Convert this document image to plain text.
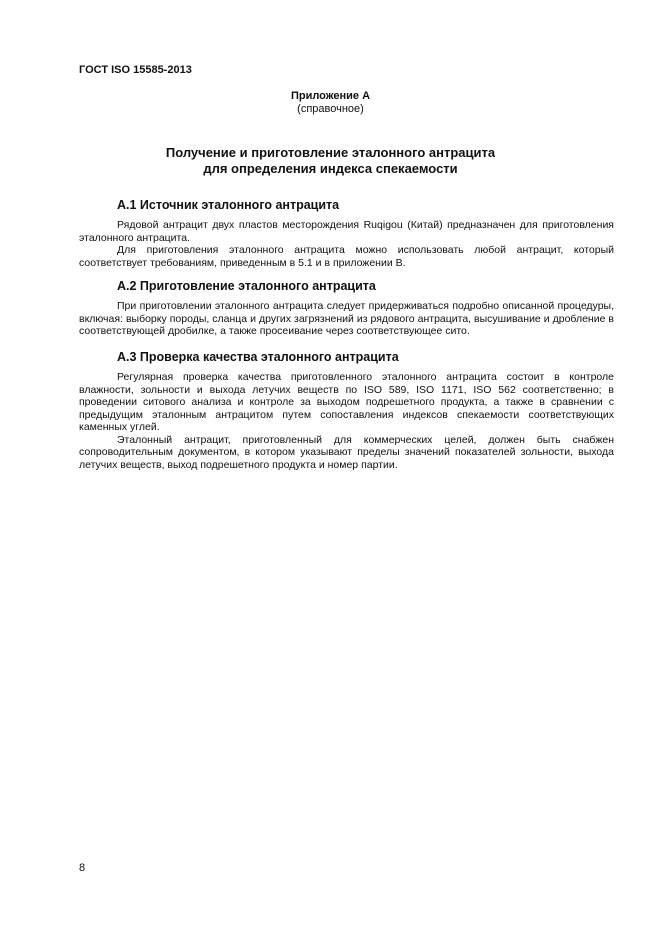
ГОСТ ISO 15585-2013

Приложение А
(справочное)
Получение и приготовление эталонного антрацита
для определения индекса спекаемости
А.1 Источник эталонного антрацита

Рядовой антрацит двух пластов месторождения Ruqigou (Китай) предназначен для приготовления эталонного антрацита.

Для приготовления эталонного антрацита можно использовать любой антрацит, который соответствует требованиям, приведенным в 5.1 и в приложении В.

А.2 Приготовление эталонного антрацита

При приготовлении эталонного антрацита следует придерживаться подробно описанной процедуры, включая: выборку породы, сланца и других загрязнений из рядового антрацита, высушивание и дробление в соответствующей дробилке, а также просеивание через соответствующее сито.

А.3 Проверка качества эталонного антрацита

Регулярная проверка качества приготовленного эталонного антрацита состоит в контроле влажности, зольности и выхода летучих веществ по ISO 589, ISO 1171, ISO 562 соответственно; в проведении ситового анализа и контроле за выходом подрешетного продукта, а также в сравнении с предыдущим эталонным антрацитом путем сопоставления индексов спекаемости соответствующих каменных углей.

Эталонный антрацит, приготовленный для коммерческих целей, должен быть снабжен сопроводительным документом, в котором указывают пределы значений показателей зольности, выхода летучих веществ, выход подрешетного продукта и номер партии.

8
